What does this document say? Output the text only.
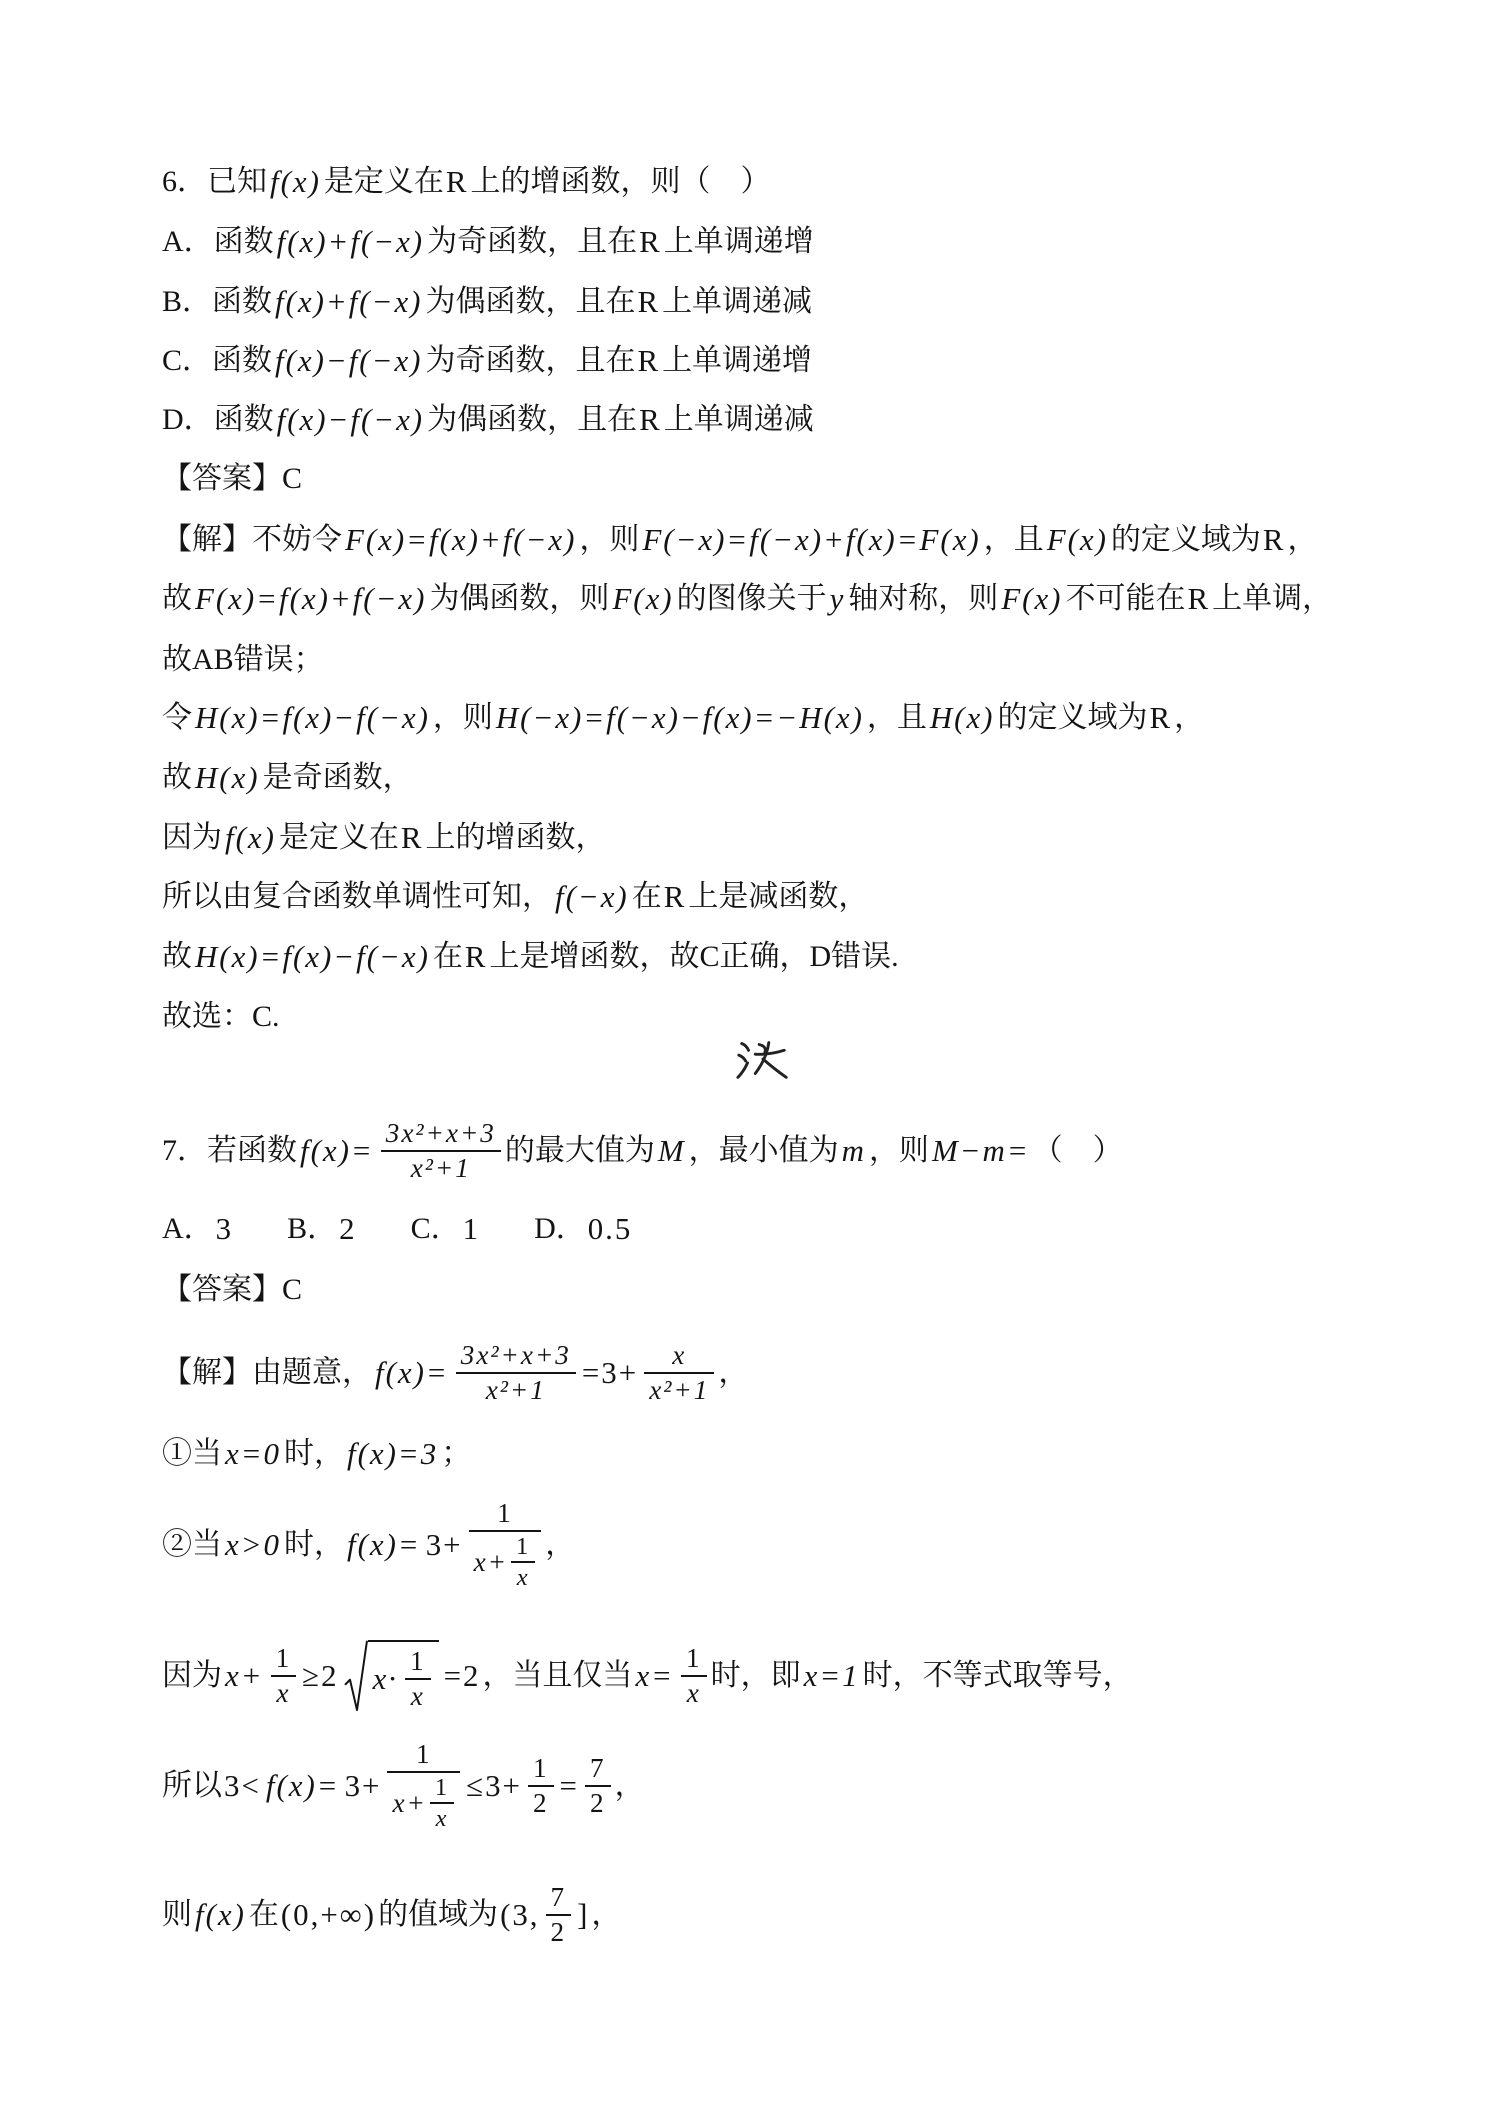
6．已知 f(x) 是定义在 R 上的增函数，则（　）
A．函数 f(x)+f(−x) 为奇函数，且在 R 上单调递增
B．函数 f(x)+f(−x) 为偶函数，且在 R 上单调递减
C．函数 f(x)−f(−x) 为奇函数，且在 R 上单调递增
D．函数 f(x)−f(−x) 为偶函数，且在 R 上单调递减
【答案】C
【解】不妨令 F(x)=f(x)+f(−x) ，则 F(−x)=f(−x)+f(x)=F(x) ，且 F(x) 的定义域为 R ，
故 F(x)=f(x)+f(−x) 为偶函数，则 F(x) 的图像关于 y 轴对称，则 F(x) 不可能在 R 上单调，
故AB错误；
令 H(x)=f(x)−f(−x) ，则 H(−x)=f(−x)−f(x)=−H(x) ，且 H(x) 的定义域为 R ，
故 H(x) 是奇函数，
因为 f(x) 是定义在 R 上的增函数，
所以由复合函数单调性可知， f(−x) 在 R 上是减函数，
故 H(x)=f(x)−f(−x) 在 R 上是增函数，故C正确，D错误.
故选：C.
7．若函数 $f(x)= \frac{\text{3x²+x+3}}{\text{x²+1}}$ 的最大值为 M ，最小值为 m ，则 M−m= （　）
A． 3 B． 2 C． 1 D． 0.5
【答案】C
【解】由题意， $f(x)= \frac{\text{3x²+x+3}}{\text{x²+1}} =3+ \frac{x}{\text{x²+1}}$ ，
①当 x=0 时， f(x)=3 ；
②当 x>0 时， $f(x)= 3+ \frac{1}{x+ \frac{1}{x}}$ ，
因为 $x+ \frac{1}{x} \ge 2$ $x\cdot \frac{1}{x} =2$ ，当且仅当 $x= \frac{1}{x}$ 时，即 x=1 时，不等式取等号，
所以 $3< f(x)= 3+ \frac{1}{x+ \frac{1}{x}} \le 3+ \frac{1}{2} = \frac{7}{2}$ ，
则 f(x) 在 (0,+∞) 的值域为 (3, $\frac{7}{2}$ ] ，
